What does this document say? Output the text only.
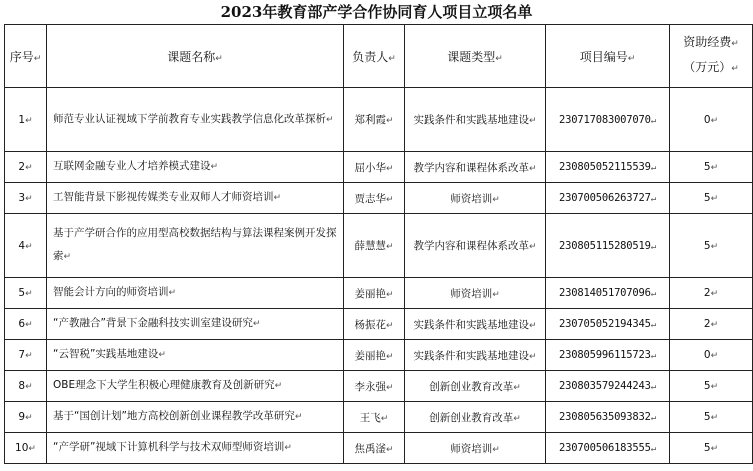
2023年教育部产学合作协同育人项目立项名单
序号↵	课题名称↵	负责人↵	课题类型↵	项目编号↵	资助经费↵
（万元）↵
1↵	师范专业认证视域下学前教育专业实践教学信息化改革探析↵	郑利霞↵	实践条件和实践基地建设↵	230717083007070↵	0↵
2↵	互联网金融专业人才培养模式建设↵	屈小华↵	教学内容和课程体系改革↵	230805052115539↵	5↵
3↵	工智能背景下影视传媒类专业双师人才师资培训↵	贾志华↵	师资培训↵	230700506263727↵	5↵
4↵	基于产学研合作的应用型高校数据结构与算法课程案例开发探索↵	薛慧慧↵	教学内容和课程体系改革↵	230805115280519↵	5↵
5↵	智能会计方向的师资培训↵	姜丽艳↵	师资培训↵	230814051707096↵	2↵
6↵	“产教融合”背景下金融科技实训室建设研究↵	杨振花↵	实践条件和实践基地建设↵	230705052194345↵	2↵
7↵	“云智税”实践基地建设↵	姜丽艳↵	实践条件和实践基地建设↵	230805996115723↵	0↵
8↵	OBE理念下大学生积极心理健康教育及创新研究↵	李永强↵	创新创业教育改革↵	230803579244243↵	5↵
9↵	基于“国创计划”地方高校创新创业课程教学改革研究↵	王飞↵	创新创业教育改革↵	230805635093832↵	5↵
10↵	“产学研”视域下计算机科学与技术双师型师资培训↵	焦禹滏↵	师资培训↵	230700506183555↵	5↵
